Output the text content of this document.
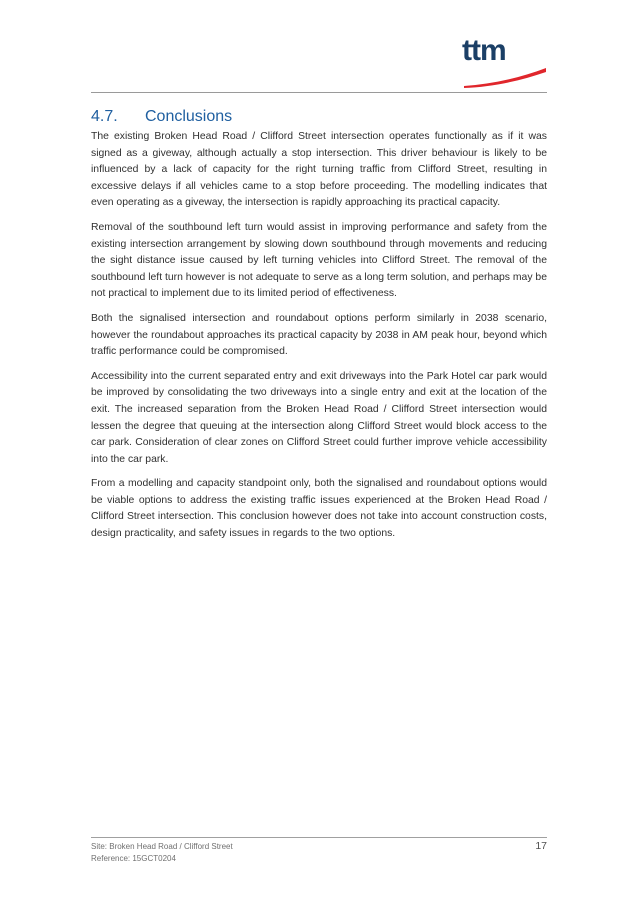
ttm
4.7. Conclusions

The existing Broken Head Road / Clifford Street intersection operates functionally as if it was signed as a giveway, although actually a stop intersection. This driver behaviour is likely to be influenced by a lack of capacity for the right turning traffic from Clifford Street, resulting in excessive delays if all vehicles came to a stop before proceeding. The modelling indicates that even operating as a giveway, the intersection is rapidly approaching its practical capacity.

Removal of the southbound left turn would assist in improving performance and safety from the existing intersection arrangement by slowing down southbound through movements and reducing the sight distance issue caused by left turning vehicles into Clifford Street. The removal of the southbound left turn however is not adequate to serve as a long term solution, and perhaps may be not practical to implement due to its limited period of effectiveness.

Both the signalised intersection and roundabout options perform similarly in 2038 scenario, however the roundabout approaches its practical capacity by 2038 in AM peak hour, beyond which traffic performance could be compromised.

Accessibility into the current separated entry and exit driveways into the Park Hotel car park would be improved by consolidating the two driveways into a single entry and exit at the location of the exit. The increased separation from the Broken Head Road / Clifford Street intersection would lessen the degree that queuing at the intersection along Clifford Street would block access to the car park. Consideration of clear zones on Clifford Street could further improve vehicle accessibility into the car park.

From a modelling and capacity standpoint only, both the signalised and roundabout options would be viable options to address the existing traffic issues experienced at the Broken Head Road / Clifford Street intersection. This conclusion however does not take into account construction costs, design practicality, and safety issues in regards to the two options.

Site: Broken Head Road / Clifford Street
Reference: 15GCT0204
17
